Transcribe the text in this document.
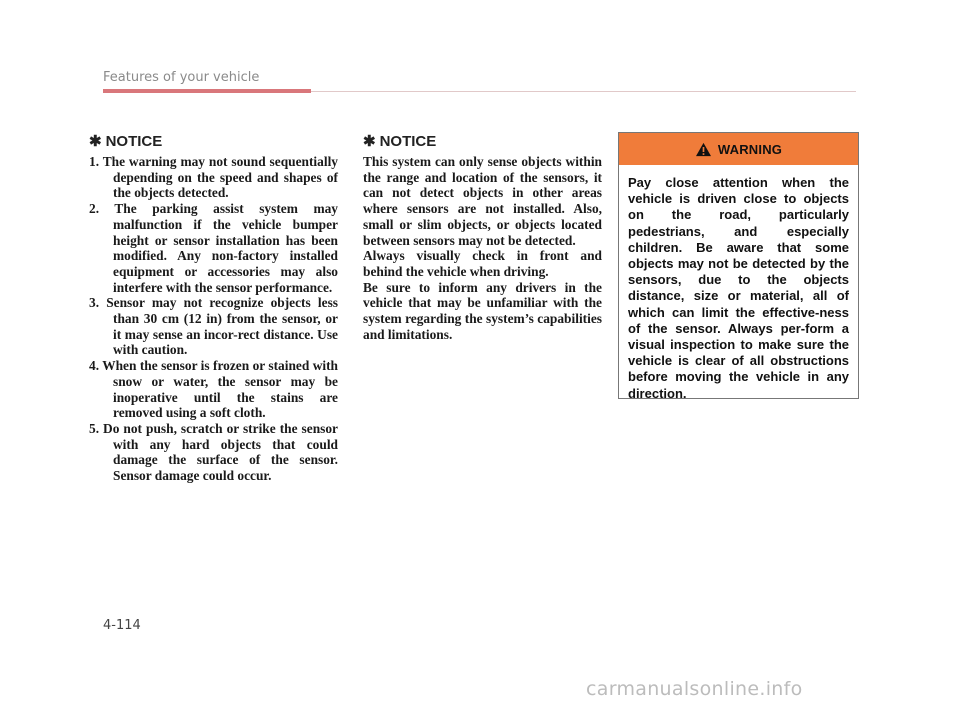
Features of your vehicle
✱ NOTICE
1. The warning may not sound sequentially depending on the speed and shapes of the objects detected.
2. The parking assist system may malfunction if the vehicle bumper height or sensor installation has been modified. Any non-factory installed equipment or accessories may also interfere with the sensor performance.
3. Sensor may not recognize objects less than 30 cm (12 in) from the sensor, or it may sense an incor-rect distance. Use with caution.
4. When the sensor is frozen or stained with snow or water, the sensor may be inoperative until the stains are removed using a soft cloth.
5. Do not push, scratch or strike the sensor with any hard objects that could damage the surface of the sensor. Sensor damage could occur.
✱ NOTICE

This system can only sense objects within the range and location of the sensors, it can not detect objects in other areas where sensors are not installed. Also, small or slim objects, or objects located between sensors may not be detected.

Always visually check in front and behind the vehicle when driving.

Be sure to inform any drivers in the vehicle that may be unfamiliar with the system regarding the system’s capabilities and limitations.

WARNING
Pay close attention when the vehicle is driven close to objects on the road, particularly pedestrians, and especially children. Be aware that some objects may not be detected by the sensors, due to the objects distance, size or material, all of which can limit the effective-ness of the sensor. Always per-form a visual inspection to make sure the vehicle is clear of all obstructions before moving the vehicle in any direction.
4-114
carmanualsonline.info
